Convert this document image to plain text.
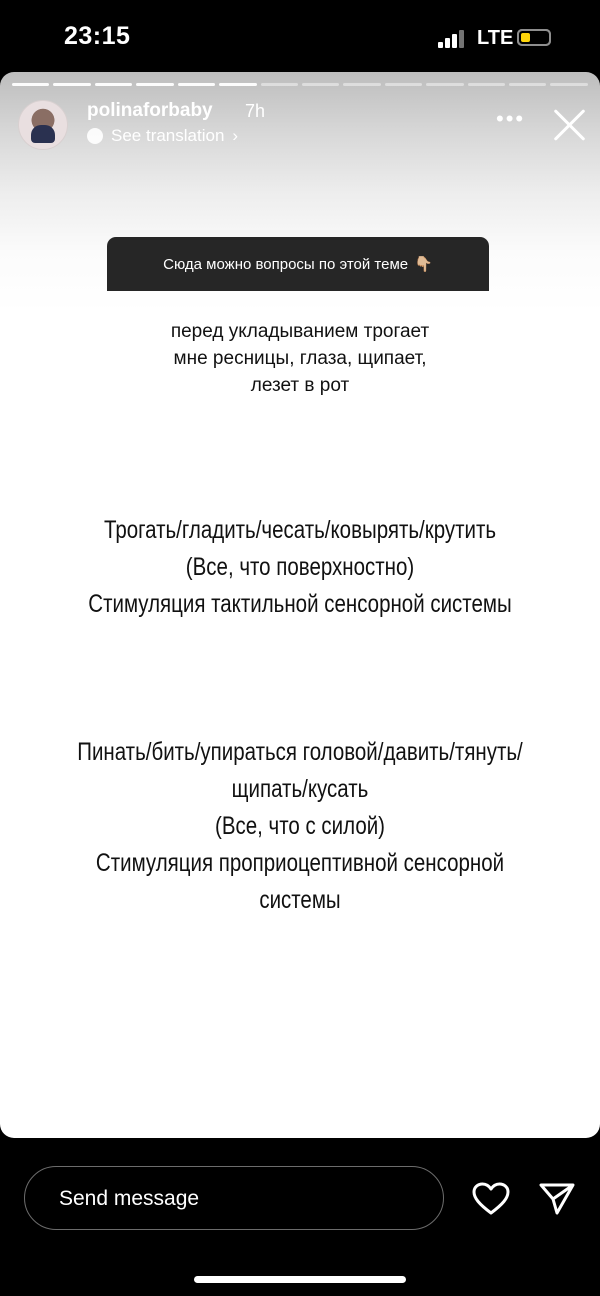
23:15	LTE
polinaforbaby 7h
See translation ›
•••
Сюда можно вопросы по этой теме 👇🏼
перед укладыванием трогает
мне ресницы, глаза, щипает,
лезет в рот
Трогать/гладить/чесать/ковырять/крутить
(Все, что поверхностно)
Стимуляция тактильной сенсорной системы
Пинать/бить/упираться головой/давить/тянуть/
щипать/кусать
(Все, что с силой)
Стимуляция проприоцептивной сенсорной системы
Send message
